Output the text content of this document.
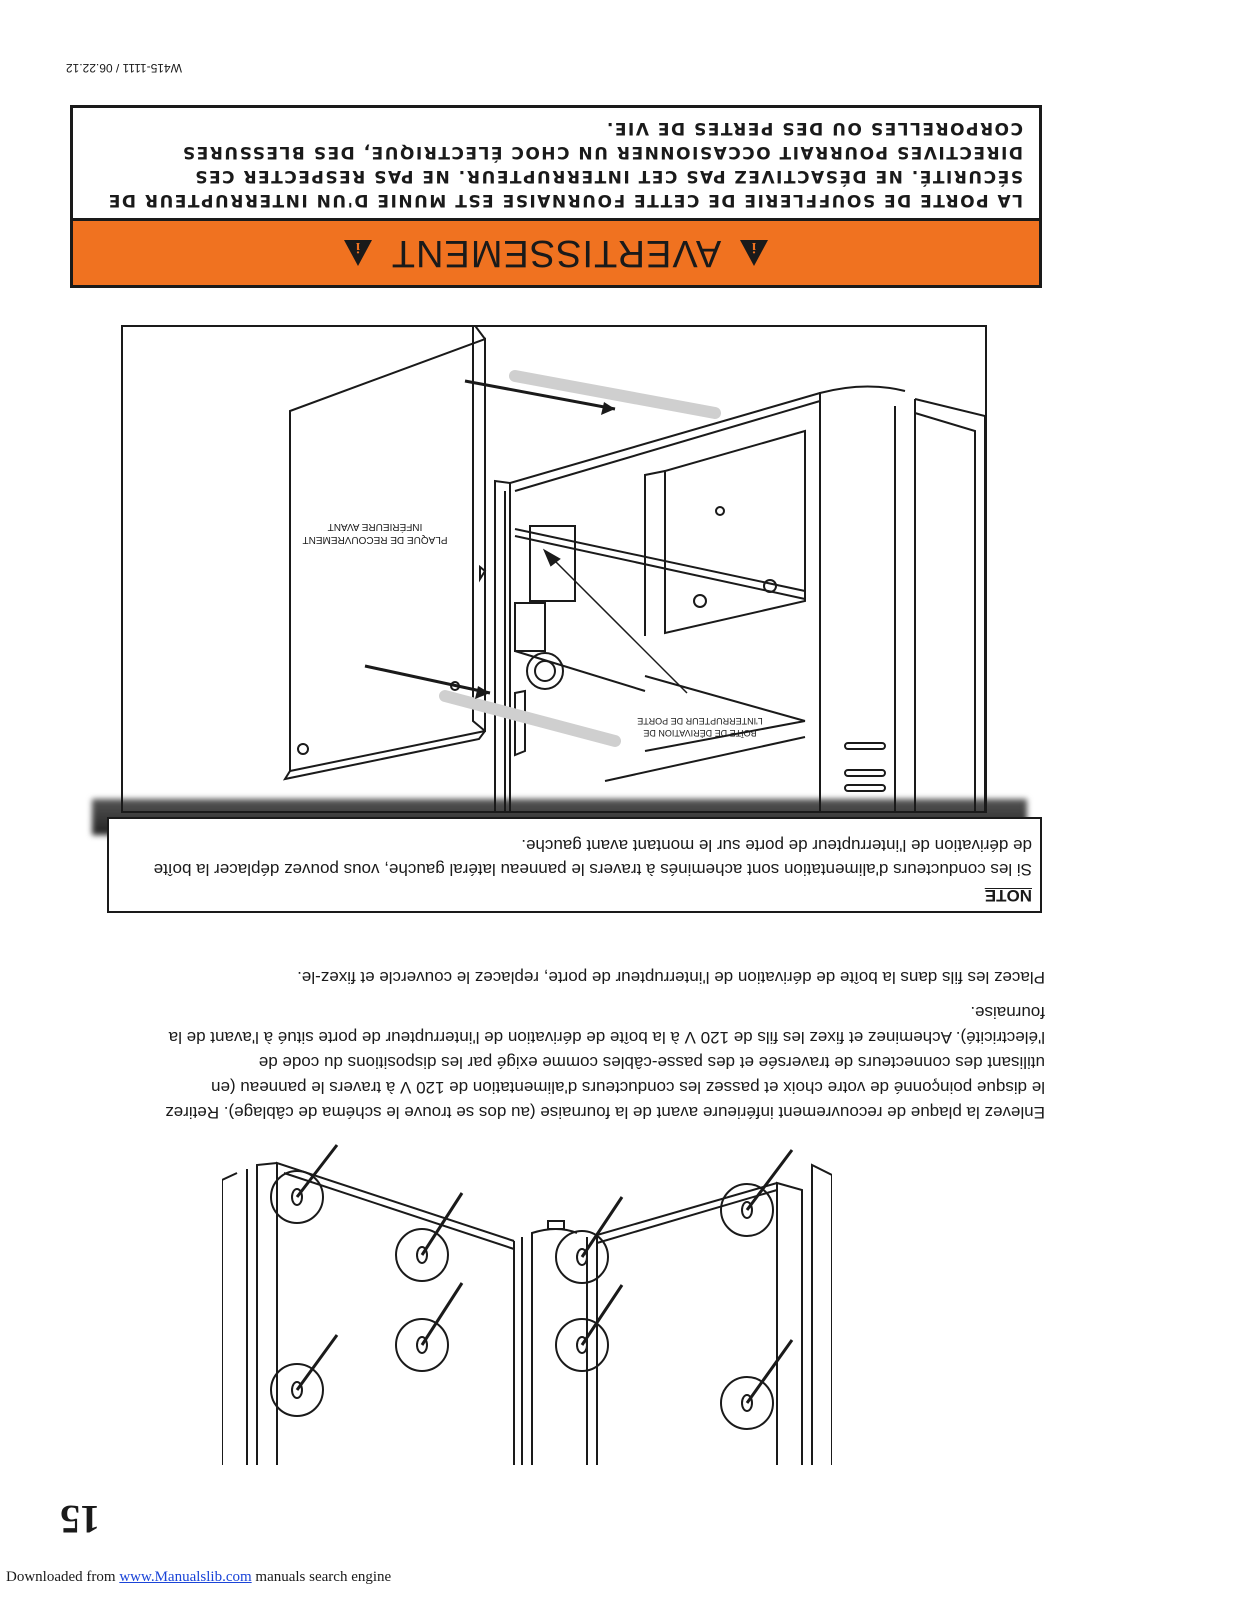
15

Enlevez la plaque de recouvrement inférieure avant de la fournaise (au dos se trouve le schéma de câblage). Retirez le disque poinçonné de votre choix et passez les conducteurs d'alimentation de 120 V à travers le panneau (en utilisant des connecteurs de traversée et des passe-câbles comme exigé par les dispositions du code de l'électricité). Acheminez et fixez les fils de 120 V à la boîte de dérivation de l'interrupteur de porte situé à l'avant de la fournaise.

Placez les fils dans la boîte de dérivation de l'interrupteur de porte, replacez le couvercle et fixez-le.

NOTE
Si les conducteurs d'alimentation sont acheminés à travers le panneau latéral gauche, vous pouvez déplacer la boîte de dérivation de l'interrupteur de porte sur le montant avant gauche.
BOÎTE DE DÉRIVATION DE
L'INTERRUPTEUR DE PORTE
PLAQUE DE RECOUVREMENT
INFÉRIEURE AVANT
i
AVERTISSEMENT
i
LA PORTE DE SOUFFLERIE DE CETTE FOURNAISE EST MUNIE D'UN INTERRUPTEUR DE SÉCURITÉ. NE DÉSACTIVEZ PAS CET INTERRUPTEUR. NE PAS RESPECTER CES DIRECTIVES POURRAIT OCCASIONNER UN CHOC ÉLECTRIQUE, DES BLESSURES CORPORELLES OU DES PERTES DE VIE.
W415-1111 / 06.22.12
Downloaded from www.Manualslib.com manuals search engine
